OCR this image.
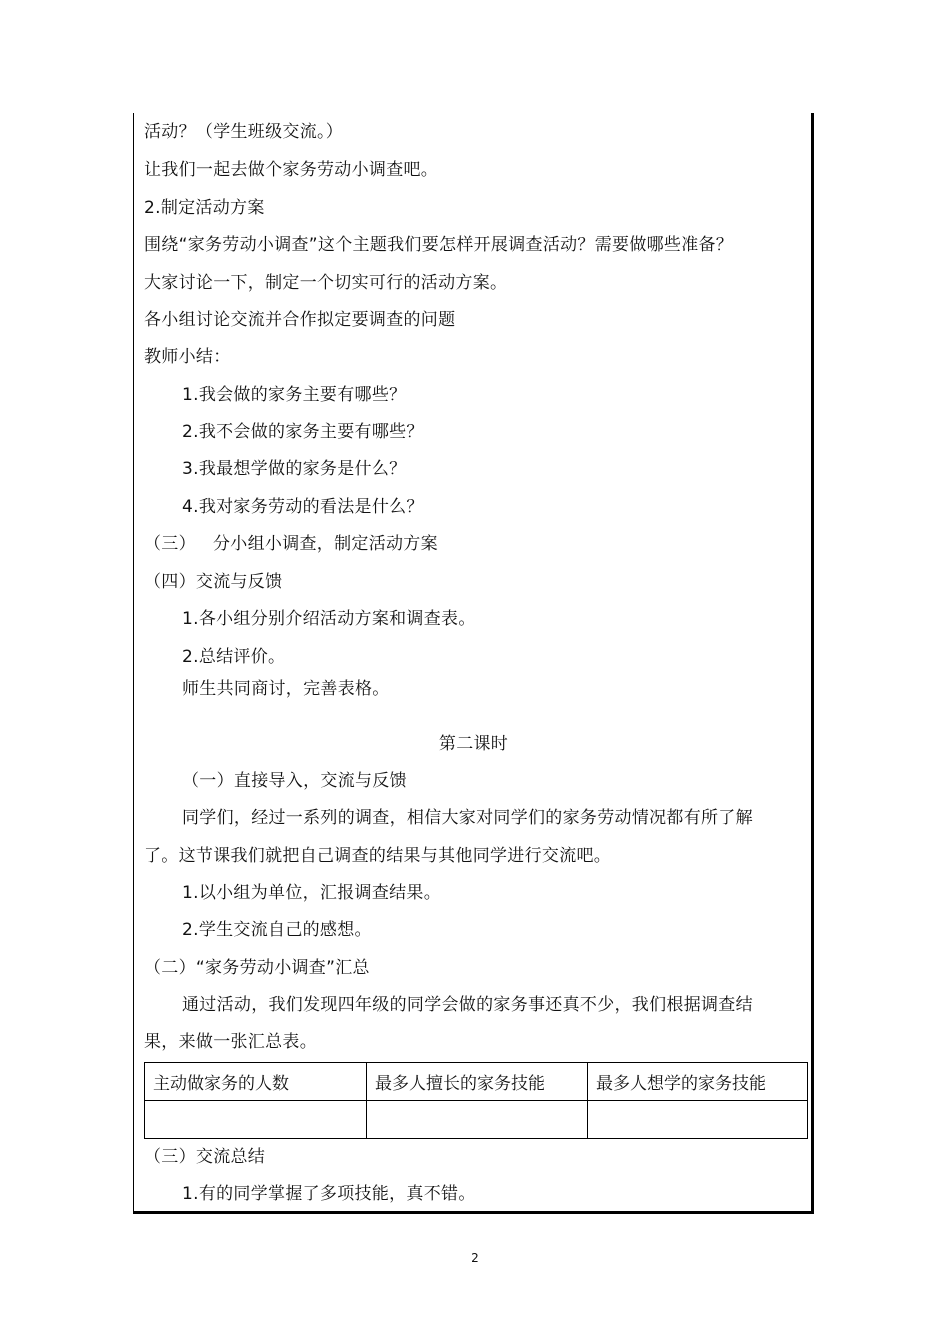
活动？（学生班级交流。）
让我们一起去做个家务劳动小调查吧。
2.制定活动方案
围绕“家务劳动小调查”这个主题我们要怎样开展调查活动？需要做哪些准备？
大家讨论一下，制定一个切实可行的活动方案。
各小组讨论交流并合作拟定要调查的问题
教师小结：
1.我会做的家务主要有哪些？
2.我不会做的家务主要有哪些？
3.我最想学做的家务是什么？
4.我对家务劳动的看法是什么？
（三）   分小组小调查，制定活动方案
（四）交流与反馈
1.各小组分别介绍活动方案和调查表。
2.总结评价。
师生共同商讨，完善表格。
第二课时
（一）直接导入，交流与反馈
同学们，经过一系列的调查，相信大家对同学们的家务劳动情况都有所了解
了。这节课我们就把自己调查的结果与其他同学进行交流吧。
1.以小组为单位，汇报调查结果。
2.学生交流自己的感想。
（二）“家务劳动小调查”汇总
通过活动，我们发现四年级的同学会做的家务事还真不少，我们根据调查结
果，来做一张汇总表。
主动做家务的人数	最多人擅长的家务技能	最多人想学的家务技能

（三）交流总结
1.有的同学掌握了多项技能，真不错。
2
